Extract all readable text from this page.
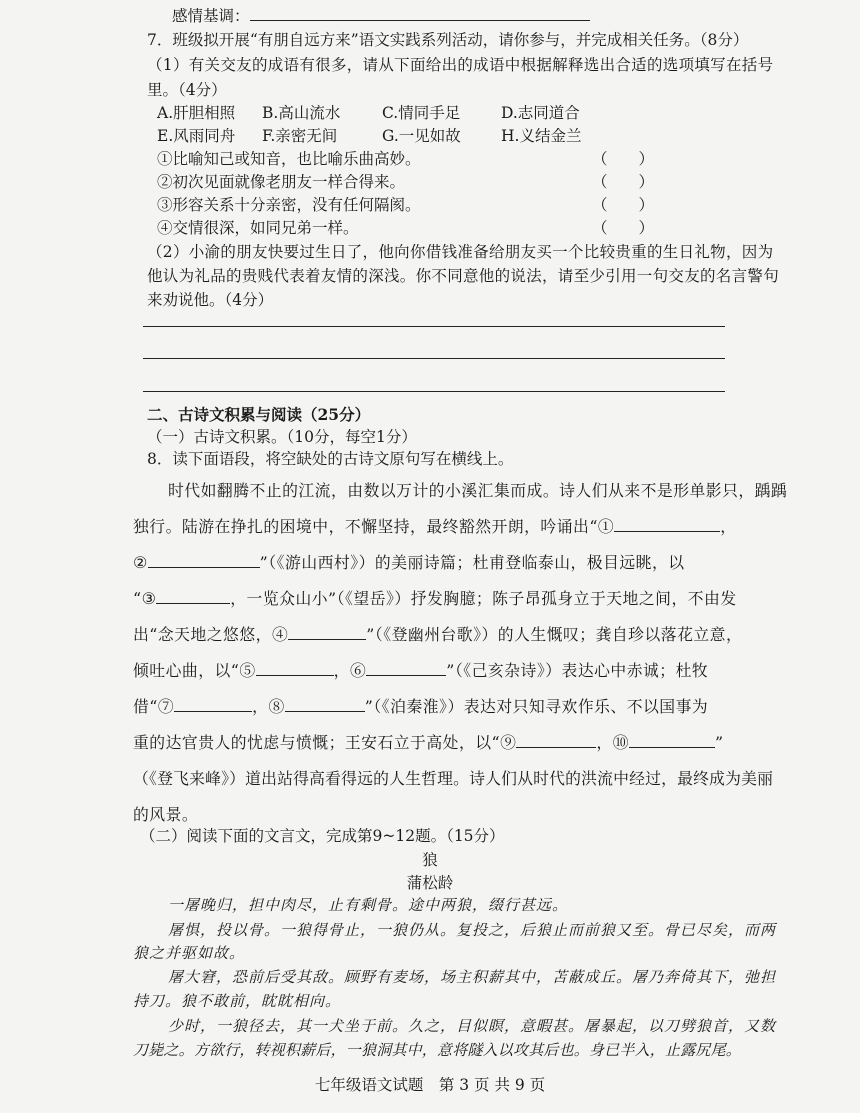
感情基调：
7．班级拟开展“有朋自远方来”语文实践系列活动，请你参与，并完成相关任务。（8分）
（1）有关交友的成语有很多，请从下面给出的成语中根据解释选出合适的选项填写在括号
里。（4分）
A.肝胆相照 B.高山流水	C.情同手足	D.志同道合
E.风雨同舟 F.亲密无间	G.一见如故	H.义结金兰
①比喻知己或知音，也比喻乐曲高妙。	（　　）
②初次见面就像老朋友一样合得来。	（　　）
③形容关系十分亲密，没有任何隔阂。	（　　）
④交情很深，如同兄弟一样。	（　　）
（2）小渝的朋友快要过生日了，他向你借钱准备给朋友买一个比较贵重的生日礼物，因为
他认为礼品的贵贱代表着友情的深浅。你不同意他的说法，请至少引用一句交友的名言警句
来劝说他。（4分）
二、古诗文积累与阅读（25分）
（一）古诗文积累。（10分，每空1分）
8．读下面语段，将空缺处的古诗文原句写在横线上。
时代如翻腾不止的江流，由数以万计的小溪汇集而成。诗人们从来不是形单影只，踽踽
独行。陆游在挣扎的困境中，不懈坚持，最终豁然开朗，吟诵出“①	，
②	”（《游山西村》）的美丽诗篇；杜甫登临泰山，极目远眺，以
“③	，一览众山小”（《望岳》）抒发胸臆；陈子昂孤身立于天地之间，不由发
出“念天地之悠悠，④	”（《登幽州台歌》）的人生慨叹；龚自珍以落花立意，
倾吐心曲，以“⑤	，⑥	”（《己亥杂诗》）表达心中赤诚；杜牧
借“⑦	，⑧	”（《泊秦淮》）表达对只知寻欢作乐、不以国事为
重的达官贵人的忧虑与愤慨；王安石立于高处，以“⑨	，⑩	”
（《登飞来峰》）道出站得高看得远的人生哲理。诗人们从时代的洪流中经过，最终成为美丽
的风景。
（二）阅读下面的文言文，完成第9~12题。（15分）
狼
蒲松龄
一屠晚归，担中肉尽，止有剩骨。途中两狼，缀行甚远。
屠惧，投以骨。一狼得骨止，一狼仍从。复投之，后狼止而前狼又至。骨已尽矣，而两
狼之并驱如故。
屠大窘，恐前后受其敌。顾野有麦场，场主积薪其中，苫蔽成丘。屠乃奔倚其下，弛担
持刀。狼不敢前，眈眈相向。
少时，一狼径去，其一犬坐于前。久之，目似瞑，意暇甚。屠暴起，以刀劈狼首，又数
刀毙之。方欲行，转视积薪后，一狼洞其中，意将隧入以攻其后也。身已半入，止露尻尾。
七年级语文试题　第 3 页 共 9 页
